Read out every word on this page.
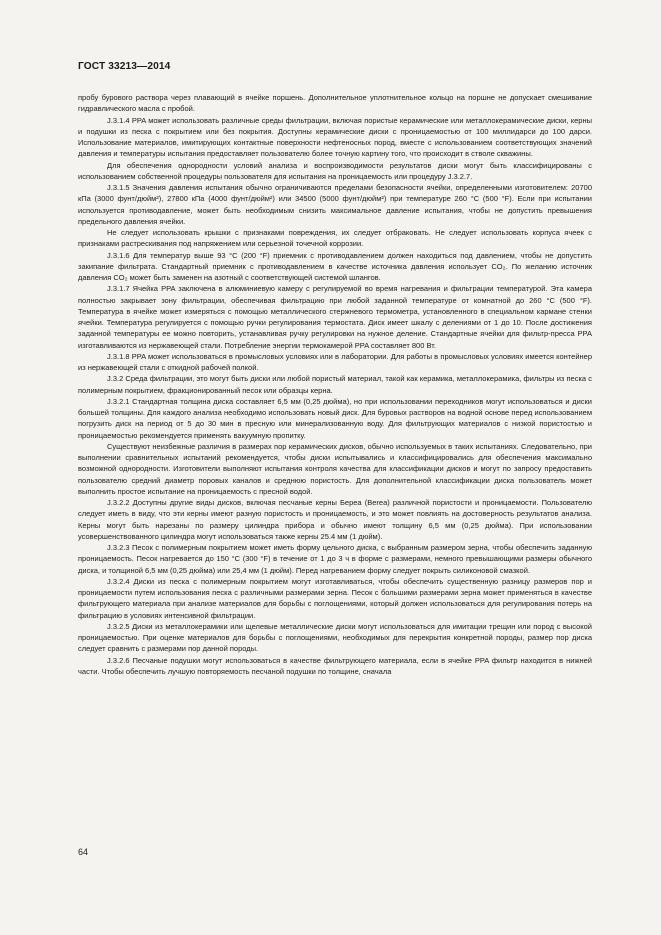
ГОСТ 33213—2014

пробу бурового раствора через плавающий в ячейке поршень. Дополнительное уплотнительное кольцо на поршне не допускает смешивание гидравлического масла с пробой.

J.3.1.4 PPA может использовать различные среды фильтрации, включая пористые керамические или металлокерамические диски, керны и подушки из песка с покрытием или без покрытия. Доступны керамические диски с проницаемостью от 100 миллидарси до 100 дарси. Использование материалов, имитирующих контактные поверхности нефтеносных пород, вместе с использованием соответствующих значений давления и температуры испытания предоставляет пользователю более точную картину того, что происходит в стволе скважины.

Для обеспечения однородности условий анализа и воспроизводимости результатов диски могут быть классифицированы с использованием собственной процедуры пользователя для испытания на проницаемость или процедуру J.3.2.7.

J.3.1.5 Значения давления испытания обычно ограничиваются пределами безопасности ячейки, определенными изготовителем: 20700 кПа (3000 фунт/дюйм²), 27800 кПа (4000 фунт/дюйм²) или 34500 (5000 фунт/дюйм²) при температуре 260 °С (500 °F). Если при испытании используется противодавление, может быть необходимым снизить максимальное давление испытания, чтобы не допустить превышения предельного давления ячейки.

Не следует использовать крышки с признаками повреждения, их следует отбраковать. Не следует использовать корпуса ячеек с признаками растрескивания под напряжением или серьезной точечной коррозии.

J.3.1.6 Для температур выше 93 °С (200 °F) приемник с противодавлением должен находиться под давлением, чтобы не допустить закипание фильтрата. Стандартный приемник с противодавлением в качестве источника давления использует CO₂. По желанию источник давления CO₂ может быть заменен на азотный с соответствующей системой шлангов.

J.3.1.7 Ячейка PPA заключена в алюминиевую камеру с регулируемой во время нагревания и фильтрации температурой. Эта камера полностью закрывает зону фильтрации, обеспечивая фильтрацию при любой заданной температуре от комнатной до 260 °С (500 °F). Температура в ячейке может измеряться с помощью металлического стержневого термометра, установленного в специальном кармане стенки ячейки. Температура регулируется с помощью ручки регулирования термостата. Диск имеет шкалу с делениями от 1 до 10. После достижения заданной температуры ее можно повторить, устанавливая ручку регулировки на нужное деление. Стандартные ячейки для фильтр-пресса PPA изготавливаются из нержавеющей стали. Потребление энергии термокамерой PPA составляет 800 Вт.

J.3.1.8 PPA может использоваться в промысловых условиях или в лаборатории. Для работы в промысловых условиях имеется контейнер из нержавеющей стали с откидной рабочей полкой.

J.3.2 Среда фильтрации, это могут быть диски или любой пористый материал, такой как керамика, металлокерамика, фильтры из песка с полимерным покрытием, фракционированный песок или образцы керна.

J.3.2.1 Стандартная толщина диска составляет 6,5 мм (0,25 дюйма), но при использовании переходников могут использоваться и диски большей толщины. Для каждого анализа необходимо использовать новый диск. Для буровых растворов на водной основе перед использованием погрузить диск на период от 5 до 30 мин в пресную или минерализованную воду. Для фильтрующих материалов с низкой пористостью и проницаемостью рекомендуется применять вакуумную пропитку.

Существуют неизбежные различия в размерах пор керамических дисков, обычно используемых в таких испытаниях. Следовательно, при выполнении сравнительных испытаний рекомендуется, чтобы диски испытывались и классифицировались для обеспечения максимально возможной однородности. Изготовители выполняют испытания контроля качества для классификации дисков и могут по запросу предоставить пользователю средний диаметр поровых каналов и среднюю пористость. Для дополнительной классификации диска пользователь может выполнить простое испытание на проницаемость с пресной водой.

J.3.2.2 Доступны другие виды дисков, включая песчаные керны Береа (Berea) различной пористости и проницаемости. Пользователю следует иметь в виду, что эти керны имеют разную пористость и проницаемость, и это может повлиять на достоверность результатов анализа. Керны могут быть нарезаны по размеру цилиндра прибора и обычно имеют толщину 6,5 мм (0,25 дюйма). При использовании усовершенствованного цилиндра могут использоваться также керны 25.4 мм (1 дюйм).

J.3.2.3 Песок с полимерным покрытием может иметь форму цельного диска, с выбранным размером зерна, чтобы обеспечить заданную проницаемость. Песок нагревается до 150 °С (300 °F) в течение от 1 до 3 ч в форме с размерами, немного превышающими размеры обычного диска, и толщиной 6,5 мм (0,25 дюйма) или 25,4 мм (1 дюйм). Перед нагреванием форму следует покрыть силиконовой смазкой.

J.3.2.4 Диски из песка с полимерным покрытием могут изготавливаться, чтобы обеспечить существенную разницу размеров пор и проницаемости путем использования песка с различными размерами зерна. Песок с большими размерами зерна может применяться в качестве фильтрующего материала при анализе материалов для борьбы с поглощениями, который должен использоваться для регулирования потерь на фильтрацию в условиях интенсивной фильтрации.

J.3.2.5 Диски из металлокерамики или щелевые металлические диски могут использоваться для имитации трещин или пород с высокой проницаемостью. При оценке материалов для борьбы с поглощениями, необходимых для перекрытия конкретной породы, размер пор диска следует сравнить с размерами пор данной породы.

J.3.2.6 Песчаные подушки могут использоваться в качестве фильтрующего материала, если в ячейке PPA фильтр находится в нижней части. Чтобы обеспечить лучшую повторяемость песчаной подушки по толщине, сначала

64
